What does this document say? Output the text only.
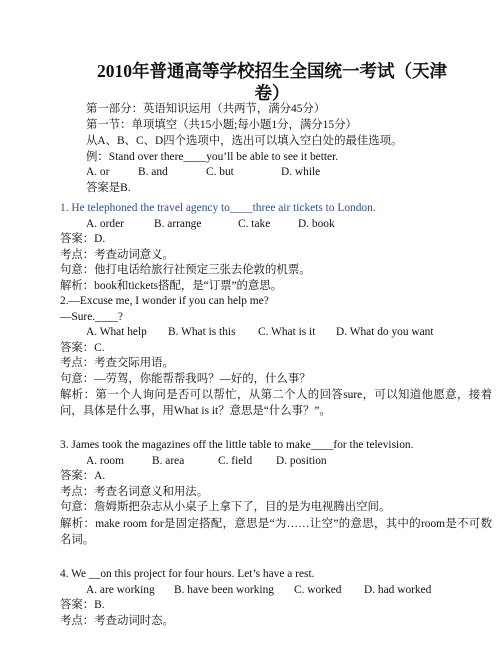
2010年普通高等学校招生全国统一考试（天津卷）
第一部分：英语知识运用（共两节，满分45分）
第一节：单项填空（共15小题;每小题1分，满分15分）
从A、B、C、D四个选项中，选出可以填入空白处的最佳选项。
例：Stand over there____you’ll be able to see it better.
A. or	B. and	C. but	D. while
答案是B.
1. He telephoned the travel agency to____three air tickets to London.
A. order	B. arrange	C. take D. book
答案：D.
考点：考查动词意义。
句意：他打电话给旅行社预定三张去伦敦的机票。
解析：book和tickets搭配，是“订票”的意思。
2.—Excuse me, I wonder if you can help me?
—Sure.____?
A. What help B. What is this C. What is it D. What do you want
答案：C.
考点：考查交际用语。
句意：—劳驾，你能帮帮我吗？—好的，什么事？
解析：第一个人询问是否可以帮忙，从第二个人的回答sure，可以知道他愿意，接着问，具体是什么事，用What is it？意思是“什么事？”。
3. James took the magazines off the little table to make____for the television.
A. room B. area	C. field D. position
答案：A.
考点：考查名词意义和用法。
句意：詹姆斯把杂志从小桌子上拿下了，目的是为电视腾出空间。
解析：make room for是固定搭配，意思是“为……让空”的意思，其中的room是不可数名词。
4. We __on this project for four hours. Let’s have a rest.
A. are working B. have been working C. worked D. had worked
答案：B.
考点：考查动词时态。
